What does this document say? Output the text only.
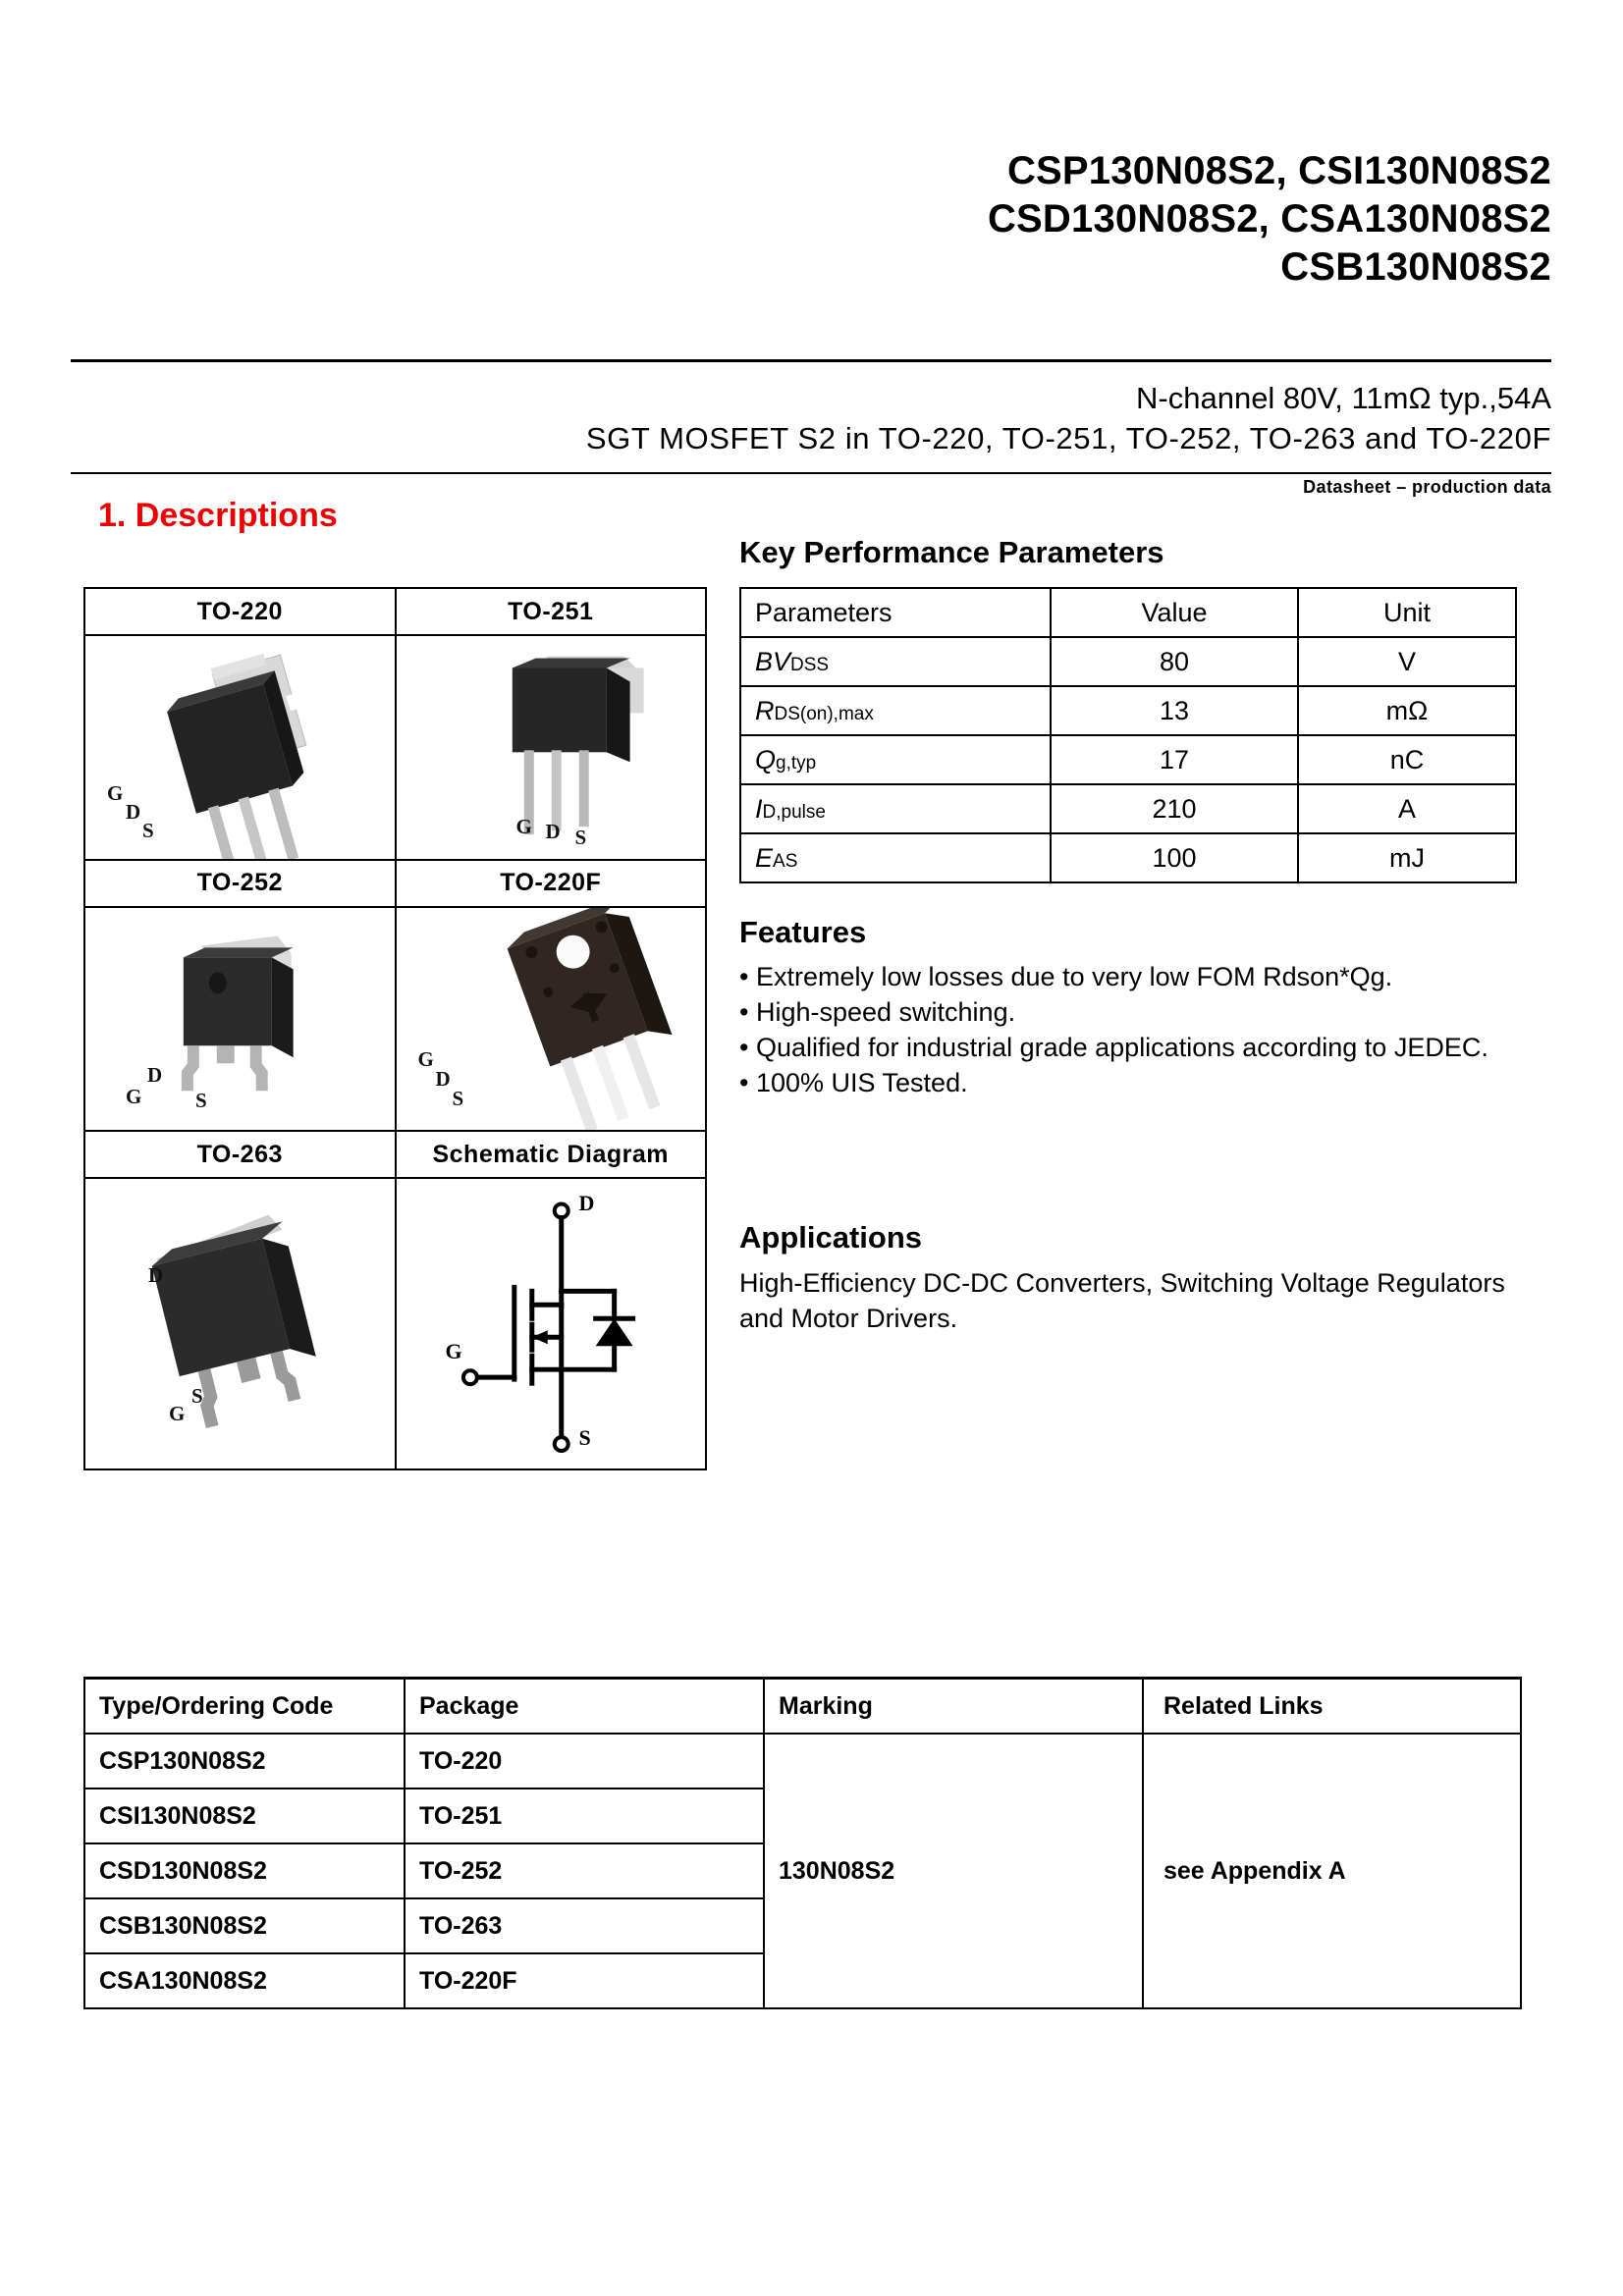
CSP130N08S2, CSI130N08S2
CSD130N08S2, CSA130N08S2
CSB130N08S2
N-channel 80V, 11mΩ typ.,54A
SGT MOSFET S2 in TO-220, TO-251, TO-252, TO-263 and TO-220F
Datasheet – production data
1. Descriptions
TO-220	TO-251

G
D
S	G D S

TO-252	TO-220F

D
G S	G
D
S

TO-263	Schematic Diagram

D
G
S	D
G
S
Key Performance Parameters
Parameters	Value	Unit
BVDSS	80	V
RDS(on),max	13	mΩ
Qg,typ	17	nC
ID,pulse	210	A
EAS	100	mJ
Features
• Extremely low losses due to very low FOM Rdson*Qg.
• High-speed switching.
• Qualified for industrial grade applications according to JEDEC.
• 100% UIS Tested.
Applications
High-Efficiency DC-DC Converters, Switching Voltage Regulators and Motor Drivers.
Type/Ordering Code	Package	Marking	Related Links
CSP130N08S2	TO-220	130N08S2	see Appendix A
CSI130N08S2	TO-251		
CSD130N08S2	TO-252		
CSB130N08S2	TO-263		
CSA130N08S2	TO-220F		
